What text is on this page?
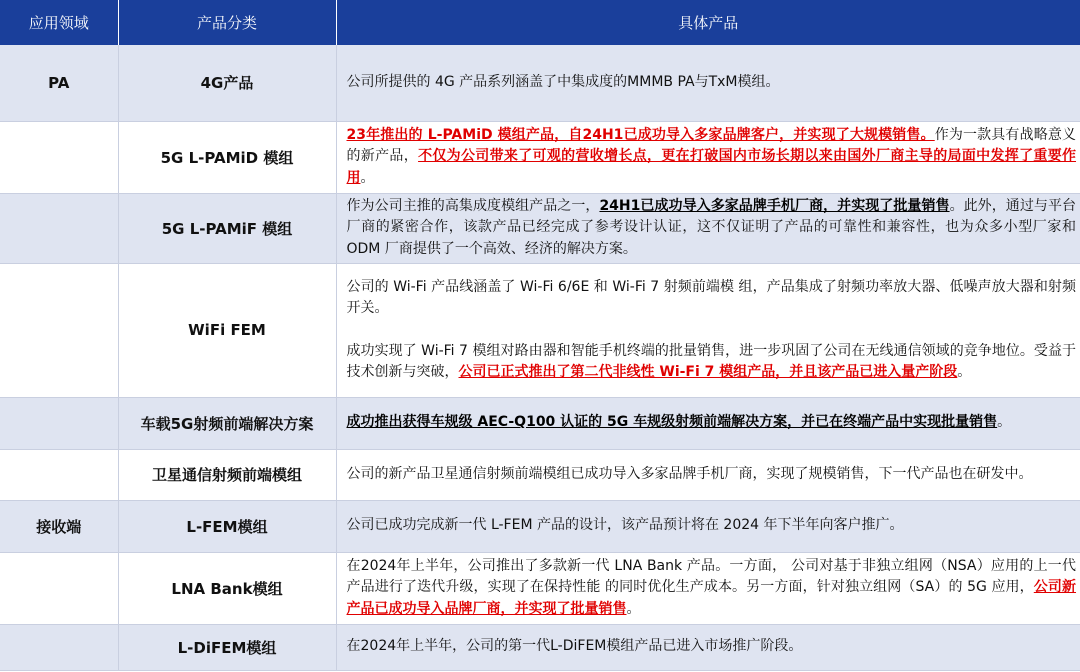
应用领域	产品分类	具体产品
PA	4G产品	公司所提供的 4G 产品系列涵盖了中集成度的MMMB PA与TxM模组。
	5G L-PAMiD 模组	23年推出的 L-PAMiD 模组产品，自24H1已成功导入多家品牌客户，并实现了大规模销售。作为一款具有战略意义的新产品，不仅为公司带来了可观的营收增长点，更在打破国内市场长期以来由国外厂商主导的局面中发挥了重要作用。
	5G L-PAMiF 模组	作为公司主推的高集成度模组产品之一，24H1已成功导入多家品牌手机厂商，并实现了批量销售。此外，通过与平台厂商的紧密合作，该款产品已经完成了参考设计认证，这不仅证明了产品的可靠性和兼容性，也为众多小型厂家和 ODM 厂商提供了一个高效、经济的解决方案。
	WiFi FEM	公司的 Wi-Fi 产品线涵盖了 Wi-Fi 6/6E 和 Wi-Fi 7 射频前端模 组，产品集成了射频功率放大器、低噪声放大器和射频开关。
成功实现了 Wi-Fi 7 模组对路由器和智能手机终端的批量销售，进一步巩固了公司在无线通信领域的竞争地位。受益于技术创新与突破，公司已正式推出了第二代非线性 Wi-Fi 7 模组产品，并且该产品已进入量产阶段。
	车载5G射频前端解决方案	成功推出获得车规级 AEC-Q100 认证的 5G 车规级射频前端解决方案，并已在终端产品中实现批量销售。
	卫星通信射频前端模组	公司的新产品卫星通信射频前端模组已成功导入多家品牌手机厂商，实现了规模销售，下一代产品也在研发中。
接收端	L-FEM模组	公司已成功完成新一代 L-FEM 产品的设计，该产品预计将在 2024 年下半年向客户推广。
	LNA Bank模组	在2024年上半年，公司推出了多款新一代 LNA Bank 产品。一方面， 公司对基于非独立组网（NSA）应用的上一代产品进行了迭代升级，实现了在保持性能 的同时优化生产成本。另一方面，针对独立组网（SA）的 5G 应用，公司新产品已成功导入品牌厂商，并实现了批量销售。
	L-DiFEM模组	在2024年上半年，公司的第一代L-DiFEM模组产品已进入市场推广阶段。
